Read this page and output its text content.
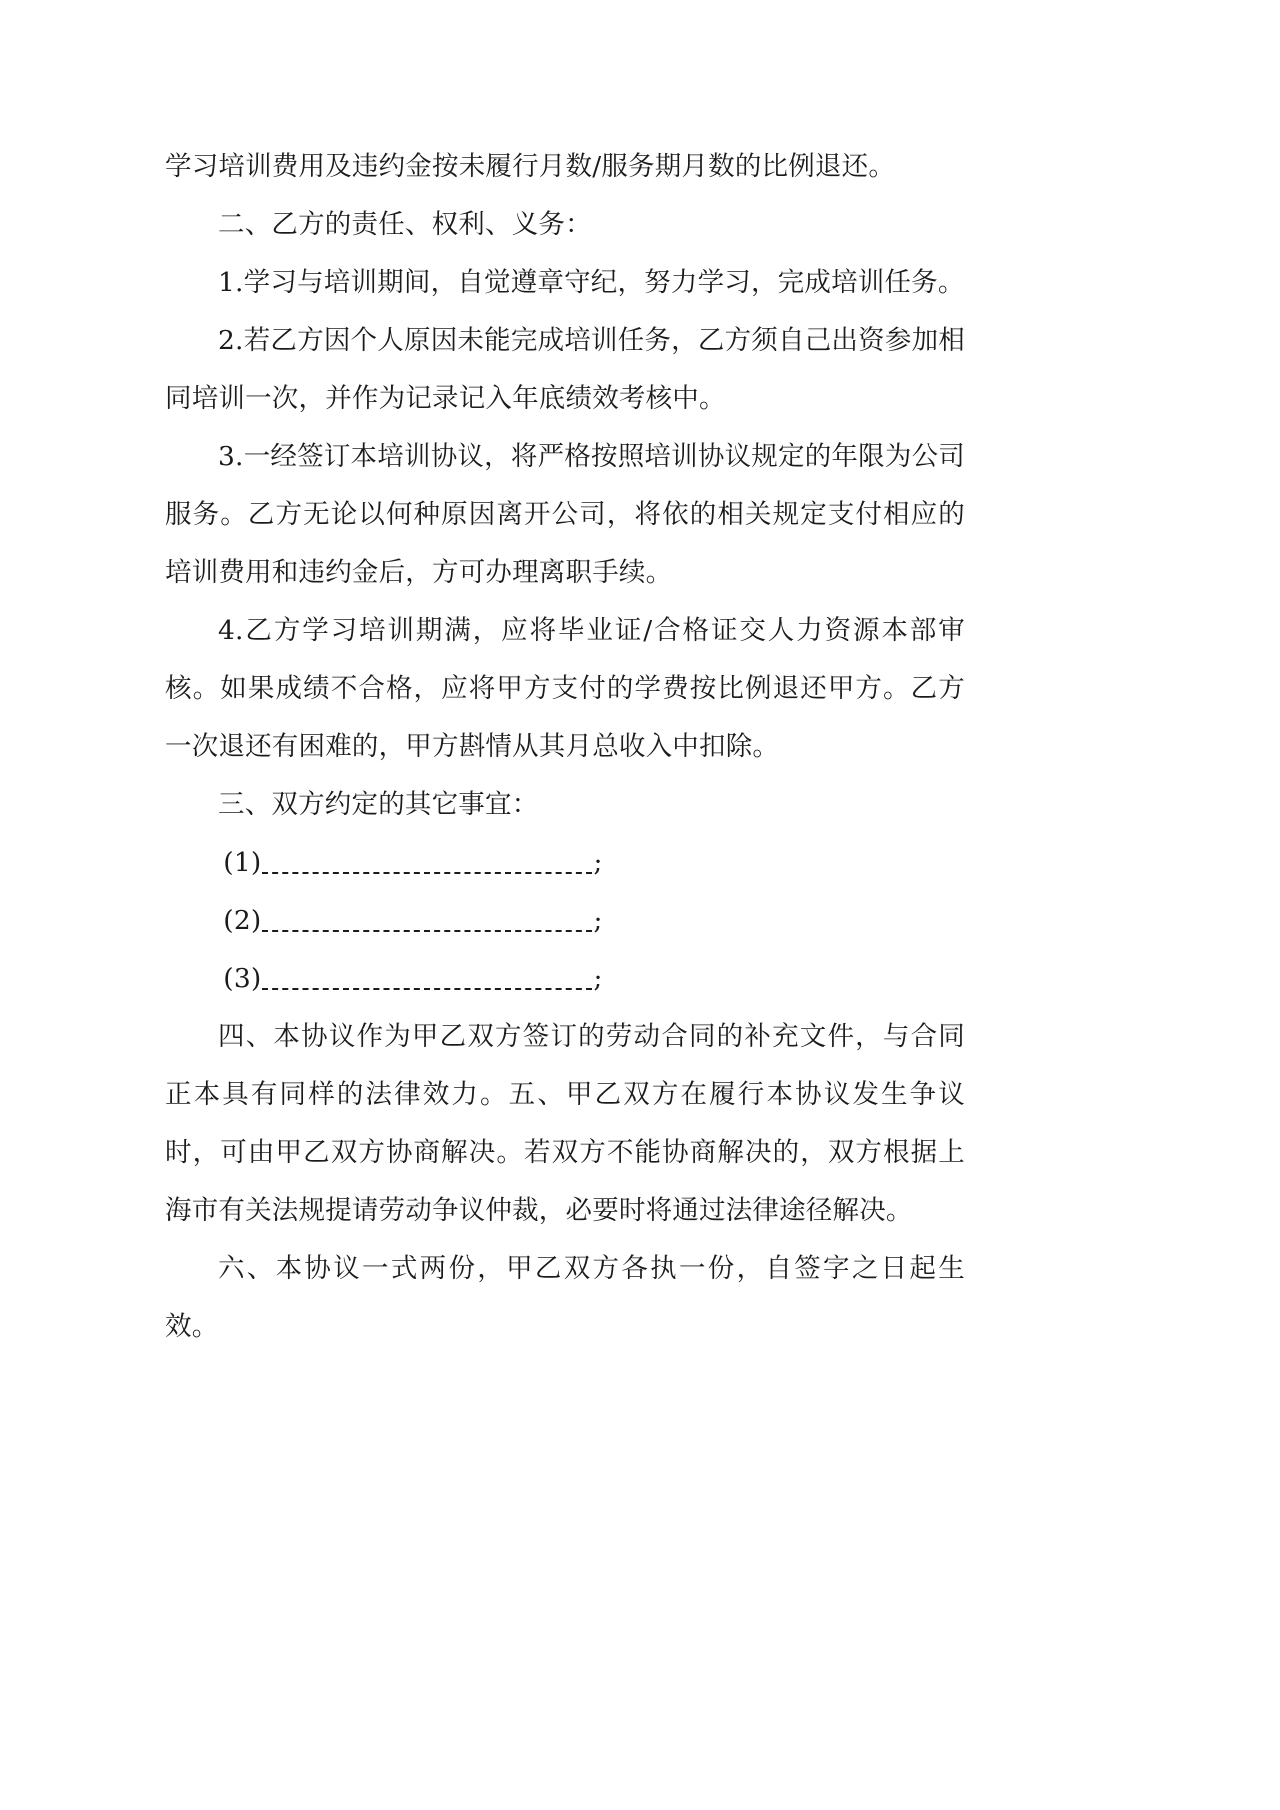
学习培训费用及违约金按未履行月数/服务期月数的比例退还。

二、乙方的责任、权利、义务：

1.学习与培训期间，自觉遵章守纪，努力学习，完成培训任务。

2.若乙方因个人原因未能完成培训任务，乙方须自己出资参加相同培训一次，并作为记录记入年底绩效考核中。

3.一经签订本培训协议，将严格按照培训协议规定的年限为公司服务。乙方无论以何种原因离开公司，将依的相关规定支付相应的培训费用和违约金后，方可办理离职手续。

4.乙方学习培训期满，应将毕业证/合格证交人力资源本部审核。如果成绩不合格，应将甲方支付的学费按比例退还甲方。乙方一次退还有困难的，甲方斟情从其月总收入中扣除。

三、双方约定的其它事宜：

(1)	;

(2)	;

(3)	;

四、本协议作为甲乙双方签订的劳动合同的补充文件，与合同正本具有同样的法律效力。五、甲乙双方在履行本协议发生争议时，可由甲乙双方协商解决。若双方不能协商解决的，双方根据上海市有关法规提请劳动争议仲裁，必要时将通过法律途径解决。

六、本协议一式两份，甲乙双方各执一份，自签字之日起生效。
